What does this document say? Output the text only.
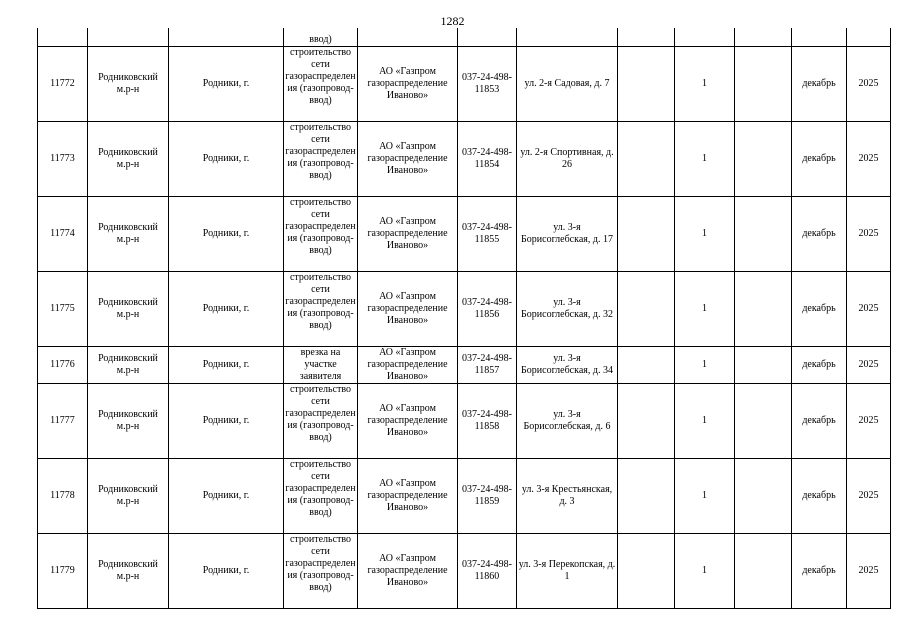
1282
			ввод)								
11772	Родниковский м.р-н	Родники, г.	строительство сети газораспределения (газопровод-ввод)	АО «Газпром газораспределение Иваново»	037-24-498-11853	ул. 2-я Садовая, д. 7		1		декабрь	2025
11773	Родниковский м.р-н	Родники, г.	строительство сети газораспределения (газопровод-ввод)	АО «Газпром газораспределение Иваново»	037-24-498-11854	ул. 2-я Спортивная, д. 26		1		декабрь	2025
11774	Родниковский м.р-н	Родники, г.	строительство сети газораспределения (газопровод-ввод)	АО «Газпром газораспределение Иваново»	037-24-498-11855	ул. 3-я Борисоглебская, д. 17		1		декабрь	2025
11775	Родниковский м.р-н	Родники, г.	строительство сети газораспределения (газопровод-ввод)	АО «Газпром газораспределение Иваново»	037-24-498-11856	ул. 3-я Борисоглебская, д. 32		1		декабрь	2025
11776	Родниковский м.р-н	Родники, г.	врезка на участке заявителя	АО «Газпром газораспределение Иваново»	037-24-498-11857	ул. 3-я Борисоглебская, д. 34		1		декабрь	2025
11777	Родниковский м.р-н	Родники, г.	строительство сети газораспределения (газопровод-ввод)	АО «Газпром газораспределение Иваново»	037-24-498-11858	ул. 3-я Борисоглебская, д. 6		1		декабрь	2025
11778	Родниковский м.р-н	Родники, г.	строительство сети газораспределения (газопровод-ввод)	АО «Газпром газораспределение Иваново»	037-24-498-11859	ул. 3-я Крестьянская, д. 3		1		декабрь	2025
11779	Родниковский м.р-н	Родники, г.	строительство сети газораспределения (газопровод-ввод)	АО «Газпром газораспределение Иваново»	037-24-498-11860	ул. 3-я Перекопская, д. 1		1		декабрь	2025
